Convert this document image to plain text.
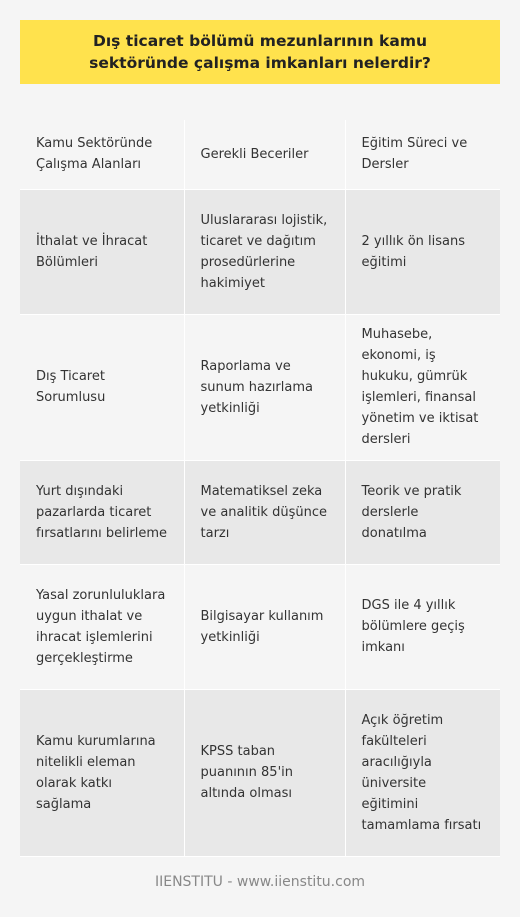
Dış ticaret bölümü mezunlarının kamu sektöründe çalışma imkanları nelerdir?
Kamu Sektöründe Çalışma Alanları	Gerekli Beceriler	Eğitim Süreci ve Dersler
İthalat ve İhracat Bölümleri	Uluslararası lojistik, ticaret ve dağıtım prosedürlerine hakimiyet	2 yıllık ön lisans eğitimi
Dış Ticaret Sorumlusu	Raporlama ve sunum hazırlama yetkinliği	Muhasebe, ekonomi, iş hukuku, gümrük işlemleri, finansal yönetim ve iktisat dersleri
Yurt dışındaki pazarlarda ticaret fırsatlarını belirleme	Matematiksel zeka ve analitik düşünce tarzı	Teorik ve pratik derslerle donatılma
Yasal zorunluluklara uygun ithalat ve ihracat işlemlerini gerçekleştirme	Bilgisayar kullanım yetkinliği	DGS ile 4 yıllık bölümlere geçiş imkanı
Kamu kurumlarına nitelikli eleman olarak katkı sağlama	KPSS taban puanının 85'in altında olması	Açık öğretim fakülteleri aracılığıyla üniversite eğitimini tamamlama fırsatı
IIENSTITU - www.iienstitu.com
